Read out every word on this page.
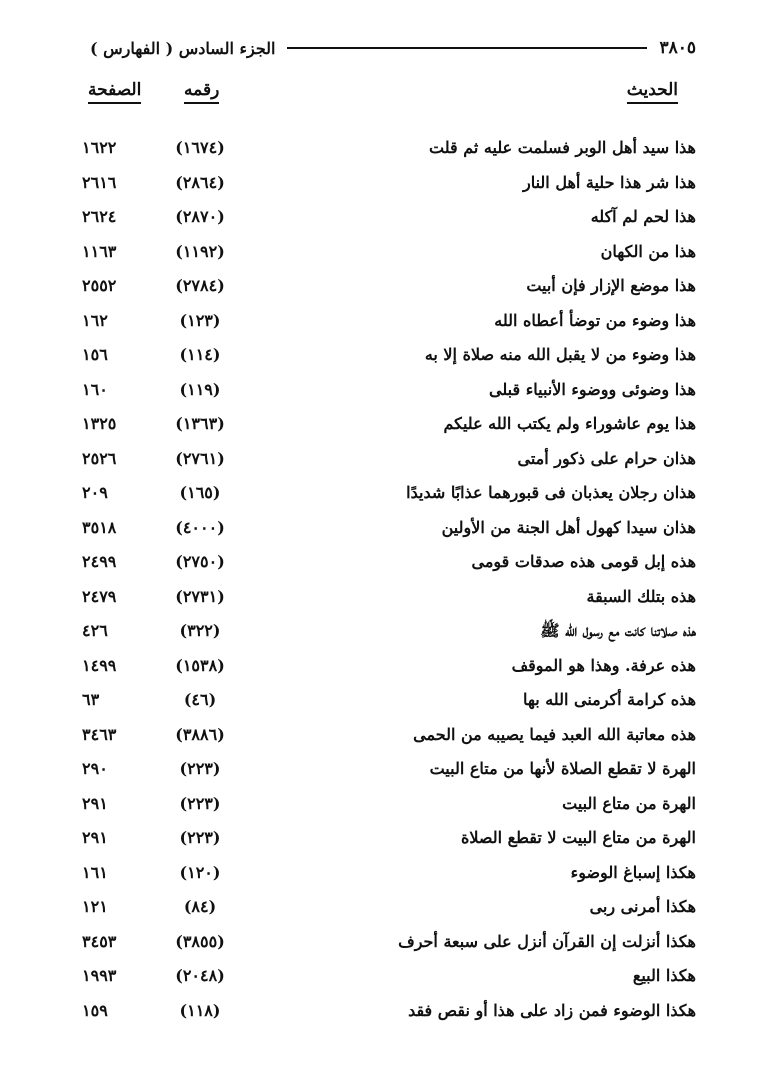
الجزء السادس ( الفهارس )	٣٨٠٥
الحديث
رقمه
الصفحة
هذا سيد أهل الوبر فسلمت عليه ثم قلت
(١٦٧٤)
١٦٢٢
هذا شر هذا حلية أهل النار
(٢٨٦٤)
٢٦١٦
هذا لحم لم آكله
(٢٨٧٠)
٢٦٢٤
هذا من الكهان
(١١٩٢)
١١٦٣
هذا موضع الإزار فإن أبيت
(٢٧٨٤)
٢٥٥٢
هذا وضوء من توضأ أعطاه الله
(١٢٣)
١٦٢
هذا وضوء من لا يقبل الله منه صلاة إلا به
(١١٤)
١٥٦
هذا وضوئى ووضوء الأنبياء قبلى
(١١٩)
١٦٠
هذا يوم عاشوراء ولم يكتب الله عليكم
(١٣٦٣)
١٣٢٥
هذان حرام على ذكور أمتى
(٢٧٦١)
٢٥٢٦
هذان رجلان يعذبان فى قبورهما عذابًا شديدًا
(١٦٥)
٢٠٩
هذان سيدا كهول أهل الجنة من الأولين
(٤٠٠٠)
٣٥١٨
هذه إبل قومى هذه صدقات قومى
(٢٧٥٠)
٢٤٩٩
هذه بتلك السبقة
(٢٧٣١)
٢٤٧٩
هذه صلاتنا كانت مع رسول الله ﷺ
(٣٢٢)
٤٢٦
هذه عرفة. وهذا هو الموقف
(١٥٣٨)
١٤٩٩
هذه كرامة أكرمنى الله بها
(٤٦)
٦٣
هذه معاتبة الله العبد فيما يصيبه من الحمى
(٣٨٨٦)
٣٤٦٣
الهرة لا تقطع الصلاة لأنها من متاع البيت
(٢٢٣)
٢٩٠
الهرة من متاع البيت
(٢٢٣)
٢٩١
الهرة من متاع البيت لا تقطع الصلاة
(٢٢٣)
٢٩١
هكذا إسباغ الوضوء
(١٢٠)
١٦١
هكذا أمرنى ربى
(٨٤)
١٢١
هكذا أنزلت إن القرآن أنزل على سبعة أحرف
(٣٨٥٥)
٣٤٥٣
هكذا البيع
(٢٠٤٨)
١٩٩٣
هكذا الوضوء فمن زاد على هذا أو نقص فقد
(١١٨)
١٥٩
